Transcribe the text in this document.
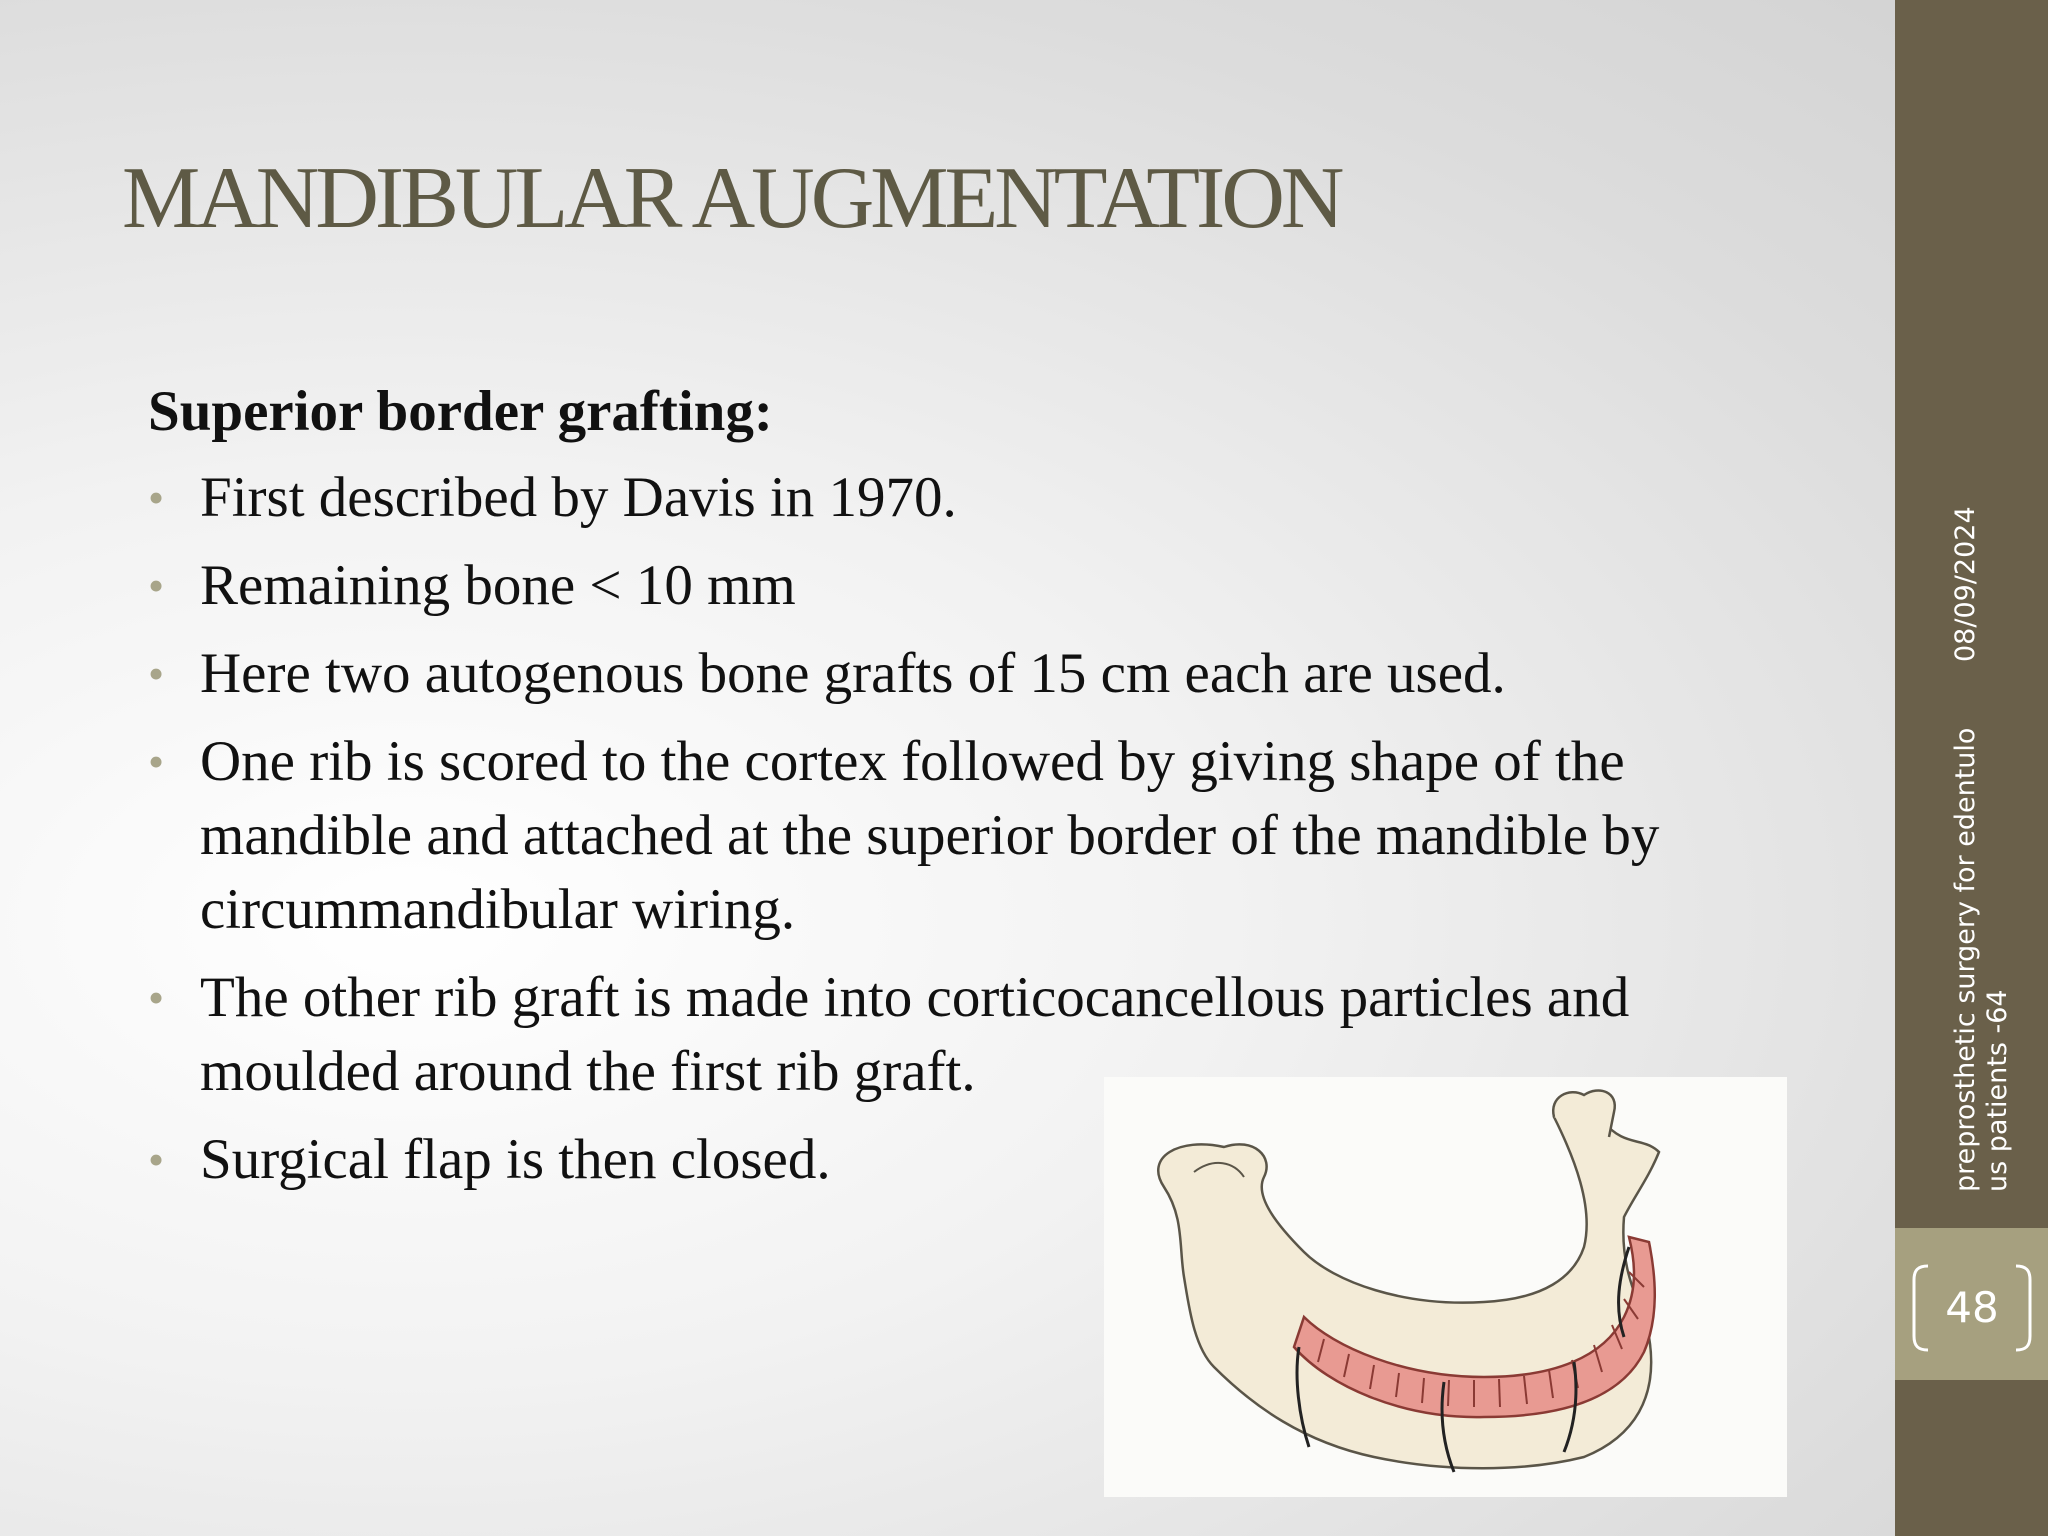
MANDIBULAR AUGMENTATION
Superior border grafting:
• First described by Davis in 1970.
• Remaining bone < 10 mm
• Here two autogenous bone grafts of 15 cm each are used.
• One rib is scored to the cortex followed by giving shape of the mandible and attached at the superior border of the mandible by circummandibular wiring.
• The other rib graft is made into corticocancellous particles and moulded around the first rib graft.
• Surgical flap is then closed.
48
preprosthetic surgery for edentulo
us patients -64
08/09/2024
